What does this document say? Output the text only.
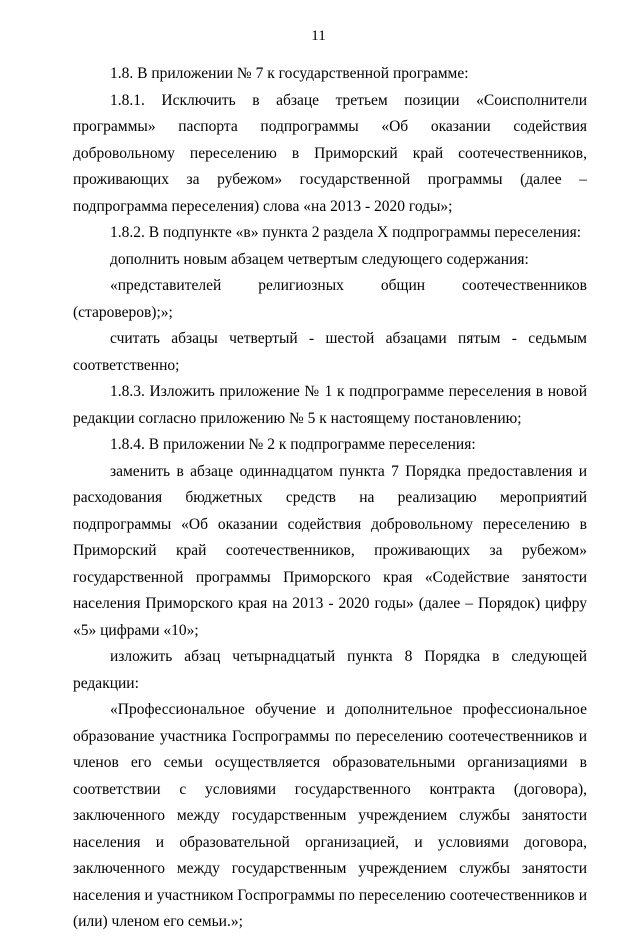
11

1.8. В приложении № 7 к государственной программе:

1.8.1. Исключить в абзаце третьем позиции «Соисполнители программы» паспорта подпрограммы «Об оказании содействия добровольному переселению в Приморский край соотечественников, проживающих за рубежом» государственной программы (далее – подпрограмма переселения) слова «на 2013 - 2020 годы»;

1.8.2. В подпункте «в» пункта 2 раздела X подпрограммы переселения:

дополнить новым абзацем четвертым следующего содержания:

«представителей религиозных общин соотечественников (староверов);»;

считать абзацы четвертый - шестой абзацами пятым - седьмым соответственно;

1.8.3. Изложить приложение № 1 к подпрограмме переселения в новой редакции согласно приложению № 5 к настоящему постановлению;

1.8.4. В приложении № 2 к подпрограмме переселения:

заменить в абзаце одиннадцатом пункта 7 Порядка предоставления и расходования бюджетных средств на реализацию мероприятий подпрограммы «Об оказании содействия добровольному переселению в Приморский край соотечественников, проживающих за рубежом» государственной программы Приморского края «Содействие занятости населения Приморского края на 2013 - 2020 годы» (далее – Порядок) цифру «5» цифрами «10»;

изложить абзац четырнадцатый пункта 8 Порядка в следующей редакции:

«Профессиональное обучение и дополнительное профессиональное образование участника Госпрограммы по переселению соотечественников и членов его семьи осуществляется образовательными организациями в соответствии с условиями государственного контракта (договора), заключенного между государственным учреждением службы занятости населения и образовательной организацией, и условиями договора, заключенного между государственным учреждением службы занятости населения и участником Госпрограммы по переселению соотечественников и (или) членом его семьи.»;
